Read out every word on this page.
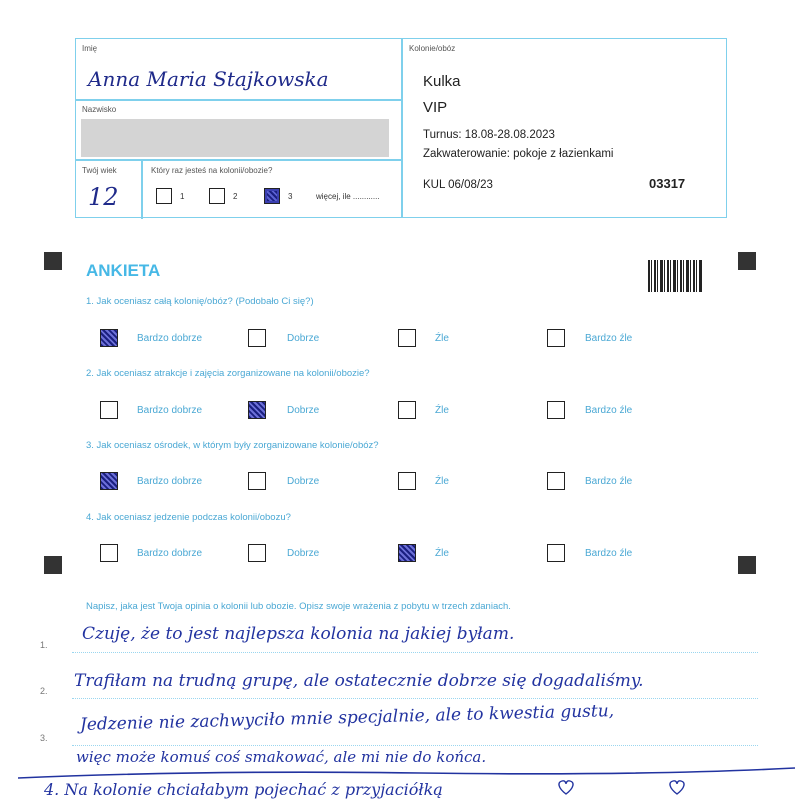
Imię
Anna Maria Stajkowska
Nazwisko
Twój wiek
12
Który raz jesteś na kolonii/obozie?
1	2	3	więcej, ile ............
Kolonie/obóz
Kulka
VIP
Turnus: 18.08-28.08.2023
Zakwaterowanie: pokoje z łazienkami
KUL 06/08/23	03317
ANKIETA
1. Jak oceniasz całą kolonię/obóz? (Podobało Ci się?)
Bardzo dobrze	Dobrze	Źle	Bardzo źle
2. Jak oceniasz atrakcje i zajęcia zorganizowane na kolonii/obozie?
Bardzo dobrze	Dobrze	Źle	Bardzo źle
3. Jak oceniasz ośrodek, w którym były zorganizowane kolonie/obóz?
Bardzo dobrze	Dobrze	Źle	Bardzo źle
4. Jak oceniasz jedzenie podczas kolonii/obozu?
Bardzo dobrze	Dobrze	Źle	Bardzo źle
Napisz, jaka jest Twoja opinia o kolonii lub obozie. Opisz swoje wrażenia z pobytu w trzech zdaniach.
1.
2.
3.
Czuję, że to jest najlepsza kolonia na jakiej byłam.
Trafiłam na trudną grupę, ale ostatecznie dobrze się dogadaliśmy.
Jedzenie nie zachwyciło mnie specjalnie, ale to kwestia gustu,
więc może komuś coś smakować, ale mi nie do końca.
4. Na kolonie chciałabym pojechać z przyjaciółką
